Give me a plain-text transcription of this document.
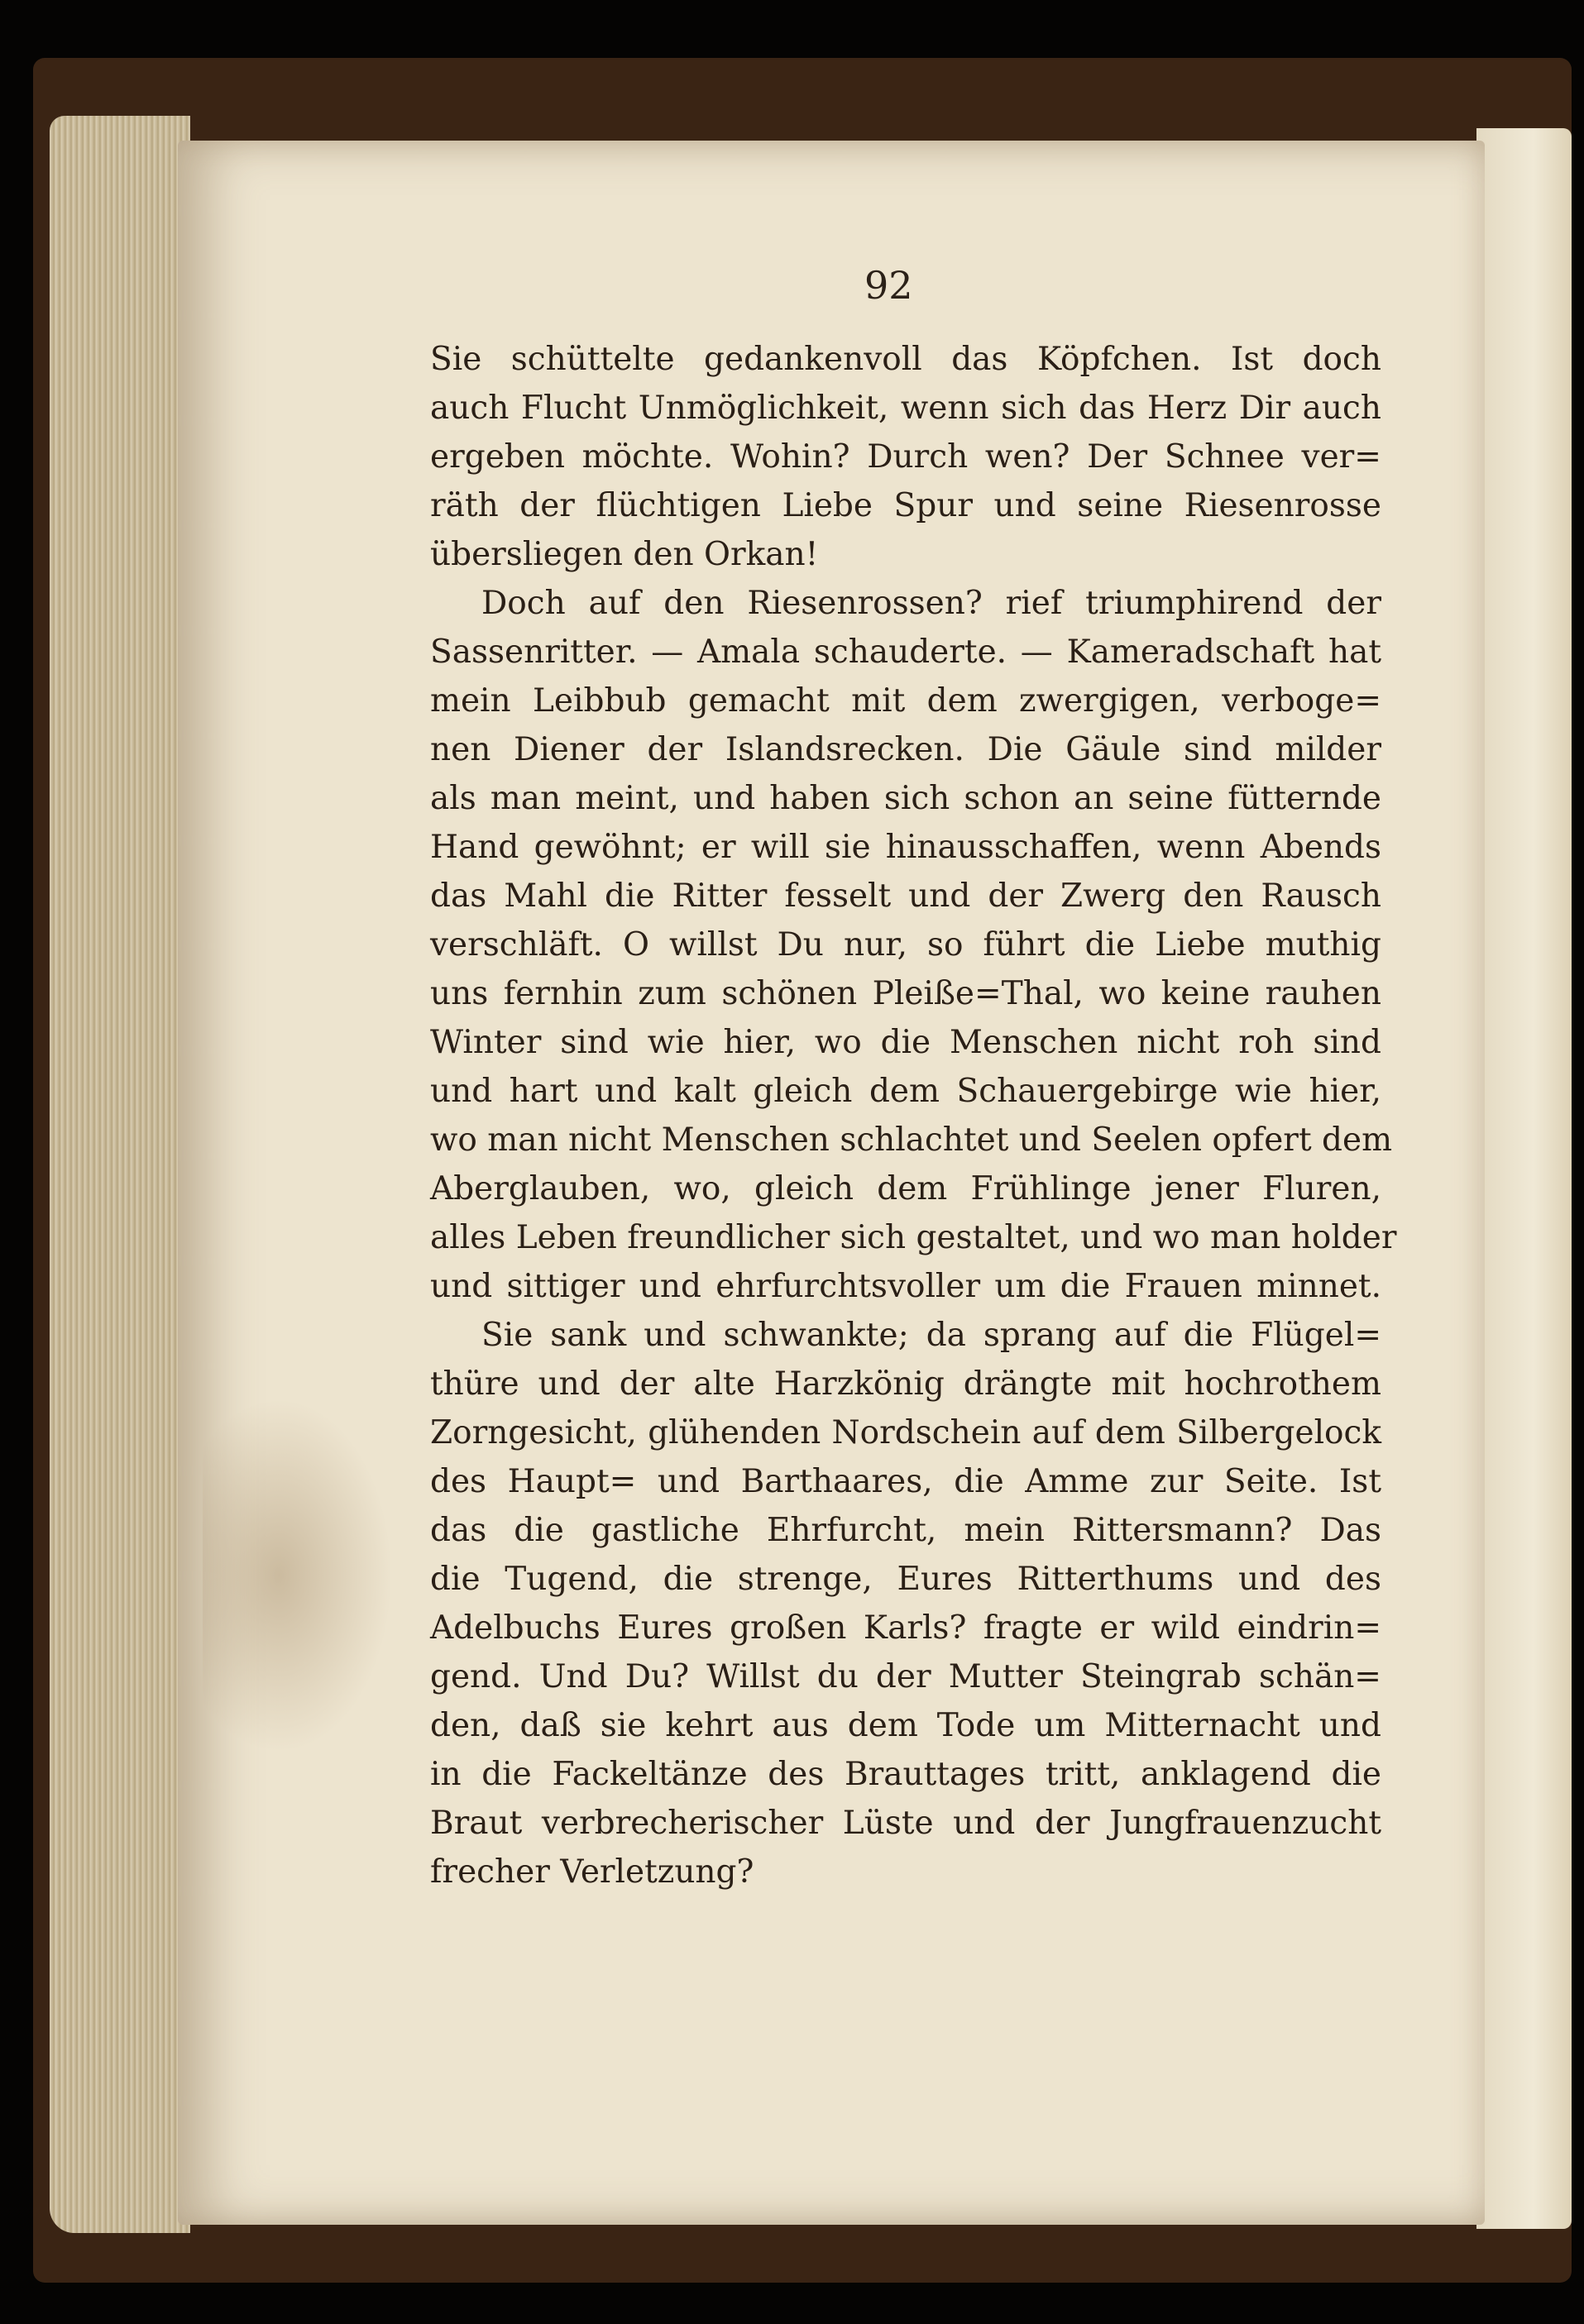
92

Sie schüttelte gedankenvoll das Köpfchen. Ist doch
auch Flucht Unmöglichkeit, wenn sich das Herz Dir auch
ergeben möchte. Wohin? Durch wen? Der Schnee ver=
räth der flüchtigen Liebe Spur und seine Riesenrosse
übersliegen den Orkan!
Doch auf den Riesenrossen? rief triumphirend der
Sassenritter. — Amala schauderte. — Kameradschaft hat
mein Leibbub gemacht mit dem zwergigen, verboge=
nen Diener der Islandsrecken. Die Gäule sind milder
als man meint, und haben sich schon an seine fütternde
Hand gewöhnt; er will sie hinausschaffen, wenn Abends
das Mahl die Ritter fesselt und der Zwerg den Rausch
verschläft. O willst Du nur, so führt die Liebe muthig
uns fernhin zum schönen Pleiße=Thal, wo keine rauhen
Winter sind wie hier, wo die Menschen nicht roh sind
und hart und kalt gleich dem Schauergebirge wie hier,
wo man nicht Menschen schlachtet und Seelen opfert dem
Aberglauben, wo, gleich dem Frühlinge jener Fluren,
alles Leben freundlicher sich gestaltet, und wo man holder
und sittiger und ehrfurchtsvoller um die Frauen minnet.
Sie sank und schwankte; da sprang auf die Flügel=
thüre und der alte Harzkönig drängte mit hochrothem
Zorngesicht, glühenden Nordschein auf dem Silbergelock
des Haupt= und Barthaares, die Amme zur Seite. Ist
das die gastliche Ehrfurcht, mein Rittersmann? Das
die Tugend, die strenge, Eures Ritterthums und des
Adelbuchs Eures großen Karls? fragte er wild eindrin=
gend. Und Du? Willst du der Mutter Steingrab schän=
den, daß sie kehrt aus dem Tode um Mitternacht und
in die Fackeltänze des Brauttages tritt, anklagend die
Braut verbrecherischer Lüste und der Jungfrauenzucht
frecher Verletzung?
